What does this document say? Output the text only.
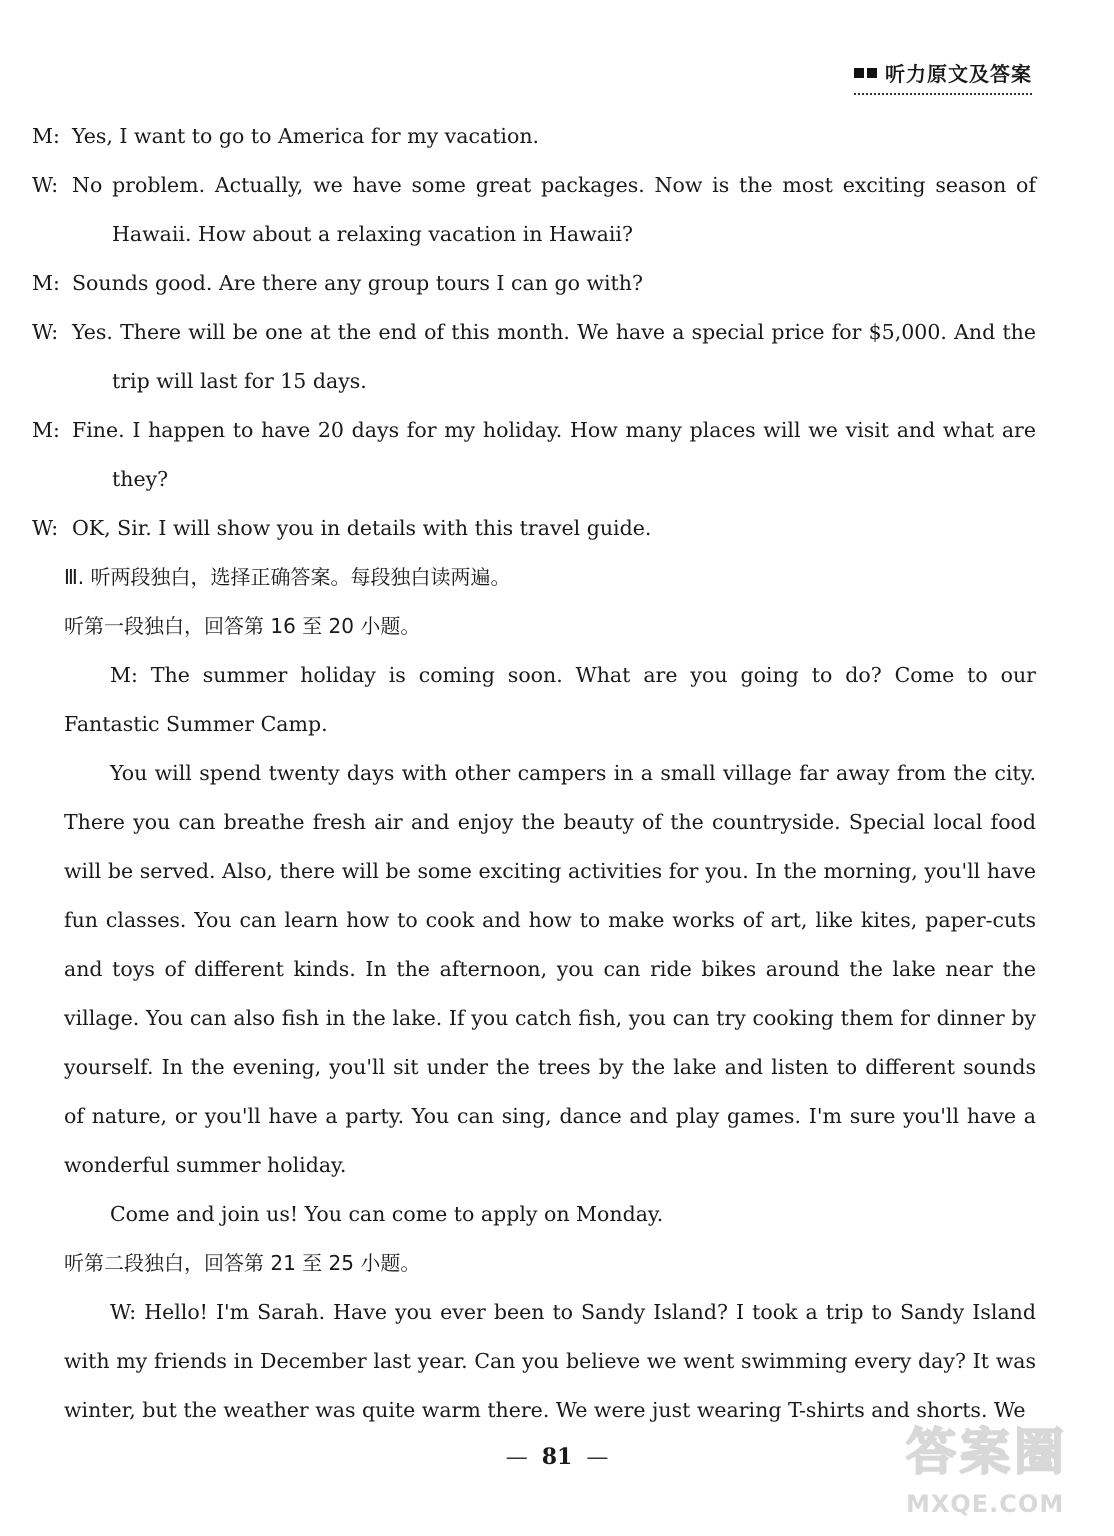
听力原文及答案

M: Yes, I want to go to America for my vacation.

W: No problem. Actually, we have some great packages. Now is the most exciting season of Hawaii. How about a relaxing vacation in Hawaii?

M: Sounds good. Are there any group tours I can go with?

W: Yes. There will be one at the end of this month. We have a special price for $5,000. And the trip will last for 15 days.

M: Fine. I happen to have 20 days for my holiday. How many places will we visit and what are they?

W: OK, Sir. I will show you in details with this travel guide.

Ⅲ. 听两段独白，选择正确答案。每段独白读两遍。

听第一段独白，回答第 16 至 20 小题。

M: The summer holiday is coming soon. What are you going to do? Come to our Fantastic Summer Camp.

You will spend twenty days with other campers in a small village far away from the city. There you can breathe fresh air and enjoy the beauty of the countryside. Special local food will be served. Also, there will be some exciting activities for you. In the morning, you'll have fun classes. You can learn how to cook and how to make works of art, like kites, paper-cuts and toys of different kinds. In the afternoon, you can ride bikes around the lake near the village. You can also fish in the lake. If you catch fish, you can try cooking them for dinner by yourself. In the evening, you'll sit under the trees by the lake and listen to different sounds of nature, or you'll have a party. You can sing, dance and play games. I'm sure you'll have a wonderful summer holiday.

Come and join us! You can come to apply on Monday.

听第二段独白，回答第 21 至 25 小题。

W: Hello! I'm Sarah. Have you ever been to Sandy Island? I took a trip to Sandy Island with my friends in December last year. Can you believe we went swimming every day? It was winter, but the weather was quite warm there. We were just wearing T-shirts and shorts. We

— 81 —	答案圈
MXQE.COM
